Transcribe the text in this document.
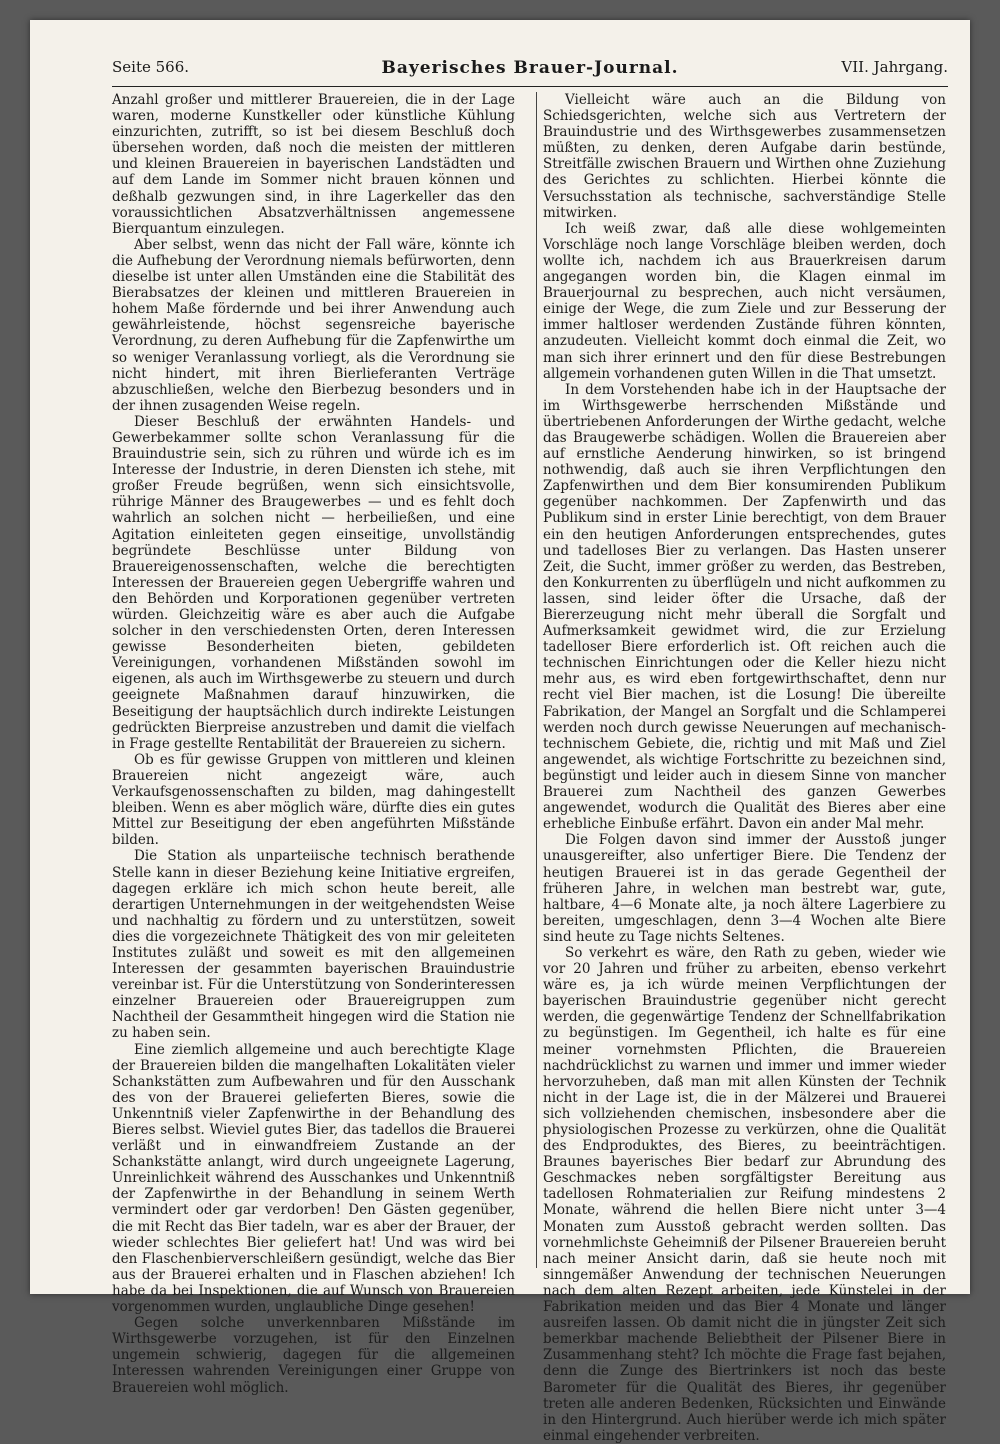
Seite 566.	Bayerisches Brauer-Journal.	VII. Jahrgang.

Anzahl großer und mittlerer Brauereien, die in der Lage waren, moderne Kunstkeller oder künstliche Kühlung einzurichten, zutrifft, so ist bei diesem Beschluß doch übersehen worden, daß noch die meisten der mittleren und kleinen Brauereien in bayerischen Landstädten und auf dem Lande im Sommer nicht brauen können und deßhalb gezwungen sind, in ihre Lagerkeller das den voraussichtlichen Absatzverhältnissen angemessene Bierquantum einzulegen.

Aber selbst, wenn das nicht der Fall wäre, könnte ich die Aufhebung der Verordnung niemals befürworten, denn dieselbe ist unter allen Umständen eine die Stabilität des Bierabsatzes der kleinen und mittleren Brauereien in hohem Maße fördernde und bei ihrer Anwendung auch gewährleistende, höchst segensreiche bayerische Verordnung, zu deren Aufhebung für die Zapfenwirthe um so weniger Veranlassung vorliegt, als die Verordnung sie nicht hindert, mit ihren Bierlieferanten Verträge abzuschließen, welche den Bierbezug besonders und in der ihnen zusagenden Weise regeln.

Dieser Beschluß der erwähnten Handels- und Gewerbekammer sollte schon Veranlassung für die Brauindustrie sein, sich zu rühren und würde ich es im Interesse der Industrie, in deren Diensten ich stehe, mit großer Freude begrüßen, wenn sich einsichtsvolle, rührige Männer des Braugewerbes — und es fehlt doch wahrlich an solchen nicht — herbeiließen, und eine Agitation einleiteten gegen einseitige, unvollständig begründete Beschlüsse unter Bildung von Brauereigenossenschaften, welche die berechtigten Interessen der Brauereien gegen Uebergriffe wahren und den Behörden und Korporationen gegenüber vertreten würden. Gleichzeitig wäre es aber auch die Aufgabe solcher in den verschiedensten Orten, deren Interessen gewisse Besonderheiten bieten, gebildeten Vereinigungen, vorhandenen Mißständen sowohl im eigenen, als auch im Wirthsgewerbe zu steuern und durch geeignete Maßnahmen darauf hinzuwirken, die Beseitigung der hauptsächlich durch indirekte Leistungen gedrückten Bierpreise anzustreben und damit die vielfach in Frage gestellte Rentabilität der Brauereien zu sichern.

Ob es für gewisse Gruppen von mittleren und kleinen Brauereien nicht angezeigt wäre, auch Verkaufsgenossenschaften zu bilden, mag dahingestellt bleiben. Wenn es aber möglich wäre, dürfte dies ein gutes Mittel zur Beseitigung der eben angeführten Mißstände bilden.

Die Station als unparteiische technisch berathende Stelle kann in dieser Beziehung keine Initiative ergreifen, dagegen erkläre ich mich schon heute bereit, alle derartigen Unternehmungen in der weitgehendsten Weise und nachhaltig zu fördern und zu unterstützen, soweit dies die vorgezeichnete Thätigkeit des von mir geleiteten Institutes zuläßt und soweit es mit den allgemeinen Interessen der gesammten bayerischen Brauindustrie vereinbar ist. Für die Unterstützung von Sonderinteressen einzelner Brauereien oder Brauereigruppen zum Nachtheil der Gesammtheit hingegen wird die Station nie zu haben sein.

Eine ziemlich allgemeine und auch berechtigte Klage der Brauereien bilden die mangelhaften Lokalitäten vieler Schankstätten zum Aufbewahren und für den Ausschank des von der Brauerei gelieferten Bieres, sowie die Unkenntniß vieler Zapfenwirthe in der Behandlung des Bieres selbst. Wieviel gutes Bier, das tadellos die Brauerei verläßt und in einwandfreiem Zustande an der Schankstätte anlangt, wird durch ungeeignete Lagerung, Unreinlichkeit während des Ausschankes und Unkenntniß der Zapfenwirthe in der Behandlung in seinem Werth vermindert oder gar verdorben! Den Gästen gegenüber, die mit Recht das Bier tadeln, war es aber der Brauer, der wieder schlechtes Bier geliefert hat! Und was wird bei den Flaschenbierverschleißern gesündigt, welche das Bier aus der Brauerei erhalten und in Flaschen abziehen! Ich habe da bei Inspektionen, die auf Wunsch von Brauereien vorgenommen wurden, unglaubliche Dinge gesehen!

Gegen solche unverkennbaren Mißstände im Wirthsgewerbe vorzugehen, ist für den Einzelnen ungemein schwierig, dagegen für die allgemeinen Interessen wahrenden Vereinigungen einer Gruppe von Brauereien wohl möglich.

Vielleicht wäre auch an die Bildung von Schiedsgerichten, welche sich aus Vertretern der Brauindustrie und des Wirthsgewerbes zusammensetzen müßten, zu denken, deren Aufgabe darin bestünde, Streitfälle zwischen Brauern und Wirthen ohne Zuziehung des Gerichtes zu schlichten. Hierbei könnte die Versuchsstation als technische, sachverständige Stelle mitwirken.

Ich weiß zwar, daß alle diese wohlgemeinten Vorschläge noch lange Vorschläge bleiben werden, doch wollte ich, nachdem ich aus Brauerkreisen darum angegangen worden bin, die Klagen einmal im Brauerjournal zu besprechen, auch nicht versäumen, einige der Wege, die zum Ziele und zur Besserung der immer haltloser werdenden Zustände führen könnten, anzudeuten. Vielleicht kommt doch einmal die Zeit, wo man sich ihrer erinnert und den für diese Bestrebungen allgemein vorhandenen guten Willen in die That umsetzt.

In dem Vorstehenden habe ich in der Hauptsache der im Wirthsgewerbe herrschenden Mißstände und übertriebenen Anforderungen der Wirthe gedacht, welche das Braugewerbe schädigen. Wollen die Brauereien aber auf ernstliche Aenderung hinwirken, so ist bringend nothwendig, daß auch sie ihren Verpflichtungen den Zapfenwirthen und dem Bier konsumirenden Publikum gegenüber nachkommen. Der Zapfenwirth und das Publikum sind in erster Linie berechtigt, von dem Brauer ein den heutigen Anforderungen entsprechendes, gutes und tadelloses Bier zu verlangen. Das Hasten unserer Zeit, die Sucht, immer größer zu werden, das Bestreben, den Konkurrenten zu überflügeln und nicht aufkommen zu lassen, sind leider öfter die Ursache, daß der Biererzeugung nicht mehr überall die Sorgfalt und Aufmerksamkeit gewidmet wird, die zur Erzielung tadelloser Biere erforderlich ist. Oft reichen auch die technischen Einrichtungen oder die Keller hiezu nicht mehr aus, es wird eben fortgewirthschaftet, denn nur recht viel Bier machen, ist die Losung! Die übereilte Fabrikation, der Mangel an Sorgfalt und die Schlamperei werden noch durch gewisse Neuerungen auf mechanisch-technischem Gebiete, die, richtig und mit Maß und Ziel angewendet, als wichtige Fortschritte zu bezeichnen sind, begünstigt und leider auch in diesem Sinne von mancher Brauerei zum Nachtheil des ganzen Gewerbes angewendet, wodurch die Qualität des Bieres aber eine erhebliche Einbuße erfährt. Davon ein ander Mal mehr.

Die Folgen davon sind immer der Ausstoß junger unausgereifter, also unfertiger Biere. Die Tendenz der heutigen Brauerei ist in das gerade Gegentheil der früheren Jahre, in welchen man bestrebt war, gute, haltbare, 4—6 Monate alte, ja noch ältere Lagerbiere zu bereiten, umgeschlagen, denn 3—4 Wochen alte Biere sind heute zu Tage nichts Seltenes.

So verkehrt es wäre, den Rath zu geben, wieder wie vor 20 Jahren und früher zu arbeiten, ebenso verkehrt wäre es, ja ich würde meinen Verpflichtungen der bayerischen Brauindustrie gegenüber nicht gerecht werden, die gegenwärtige Tendenz der Schnellfabrikation zu begünstigen. Im Gegentheil, ich halte es für eine meiner vornehmsten Pflichten, die Brauereien nachdrücklichst zu warnen und immer und immer wieder hervorzuheben, daß man mit allen Künsten der Technik nicht in der Lage ist, die in der Mälzerei und Brauerei sich vollziehenden chemischen, insbesondere aber die physiologischen Prozesse zu verkürzen, ohne die Qualität des Endproduktes, des Bieres, zu beeinträchtigen. Braunes bayerisches Bier bedarf zur Abrundung des Geschmackes neben sorgfältigster Bereitung aus tadellosen Rohmaterialien zur Reifung mindestens 2 Monate, während die hellen Biere nicht unter 3—4 Monaten zum Ausstoß gebracht werden sollten. Das vornehmlichste Geheimniß der Pilsener Brauereien beruht nach meiner Ansicht darin, daß sie heute noch mit sinngemäßer Anwendung der technischen Neuerungen nach dem alten Rezept arbeiten, jede Künstelei in der Fabrikation meiden und das Bier 4 Monate und länger ausreifen lassen. Ob damit nicht die in jüngster Zeit sich bemerkbar machende Beliebtheit der Pilsener Biere in Zusammenhang steht? Ich möchte die Frage fast bejahen, denn die Zunge des Biertrinkers ist noch das beste Barometer für die Qualität des Bieres, ihr gegenüber treten alle anderen Bedenken, Rücksichten und Einwände in den Hintergrund. Auch hierüber werde ich mich später einmal eingehender verbreiten.
